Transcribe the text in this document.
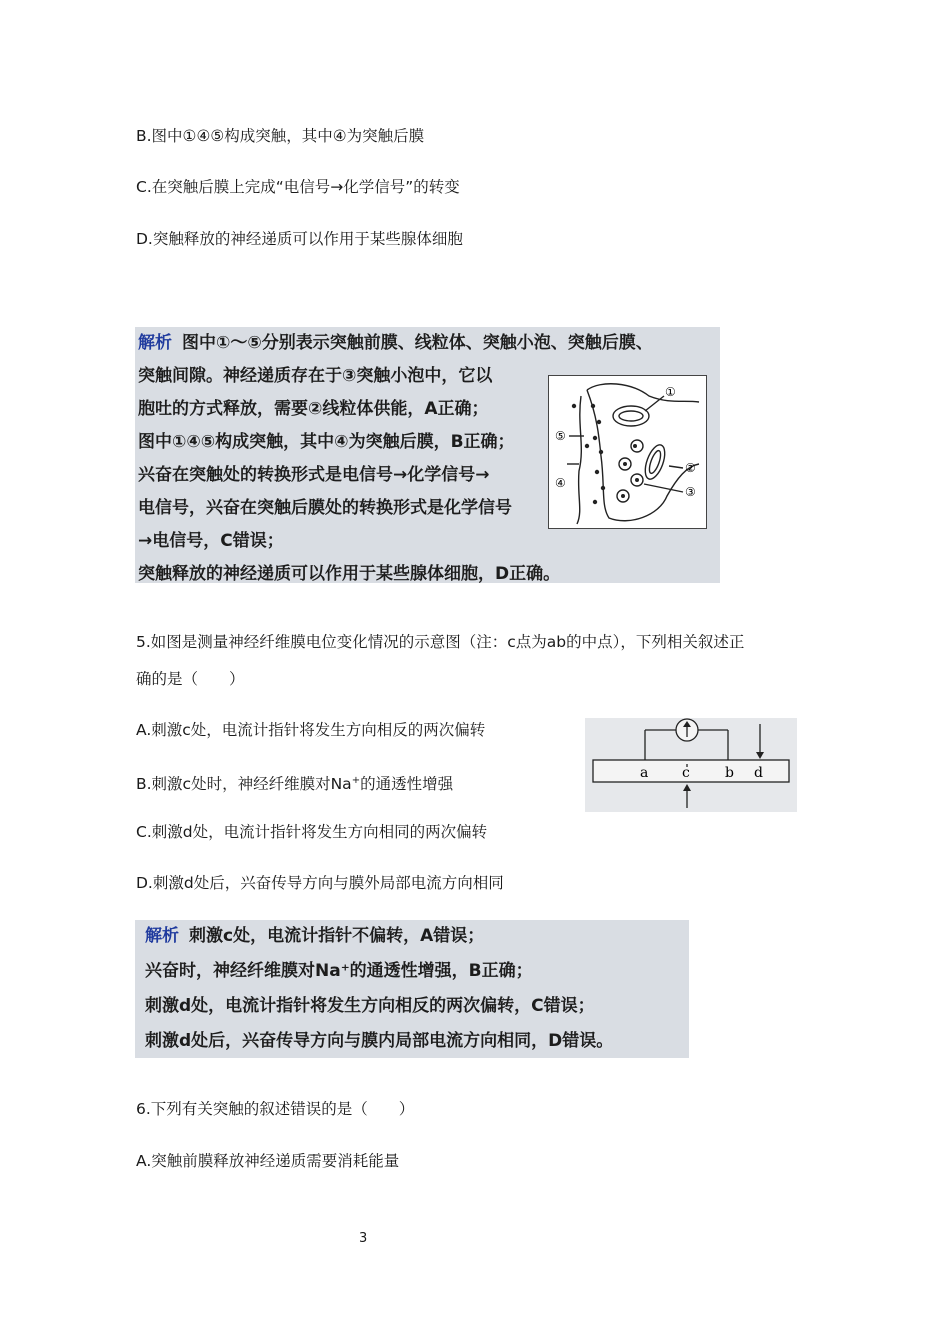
B.图中①④⑤构成突触，其中④为突触后膜
C.在突触后膜上完成“电信号→化学信号”的转变
D.突触释放的神经递质可以作用于某些腺体细胞
解析 图中①～⑤分别表示突触前膜、线粒体、突触小泡、突触后膜、
突触间隙。神经递质存在于③突触小泡中，它以
胞吐的方式释放，需要②线粒体供能，A正确；
图中①④⑤构成突触，其中④为突触后膜，B正确；
兴奋在突触处的转换形式是电信号→化学信号→
电信号，兴奋在突触后膜处的转换形式是化学信号
→电信号，C错误；
突触释放的神经递质可以作用于某些腺体细胞，D正确。
①
②
③
④
⑤
5.如图是测量神经纤维膜电位变化情况的示意图（注：c点为ab的中点），下列相关叙述正
确的是（　　）
A.刺激c处，电流计指针将发生方向相反的两次偏转
B.刺激c处时，神经纤维膜对Na+的通透性增强
C.刺激d处，电流计指针将发生方向相同的两次偏转
D.刺激d处后，兴奋传导方向与膜外局部电流方向相同
a c	b d
解析 刺激c处，电流计指针不偏转，A错误；
兴奋时，神经纤维膜对Na⁺的通透性增强，B正确；
刺激d处，电流计指针将发生方向相反的两次偏转，C错误；
刺激d处后，兴奋传导方向与膜内局部电流方向相同，D错误。
6.下列有关突触的叙述错误的是（　　）
A.突触前膜释放神经递质需要消耗能量
3
